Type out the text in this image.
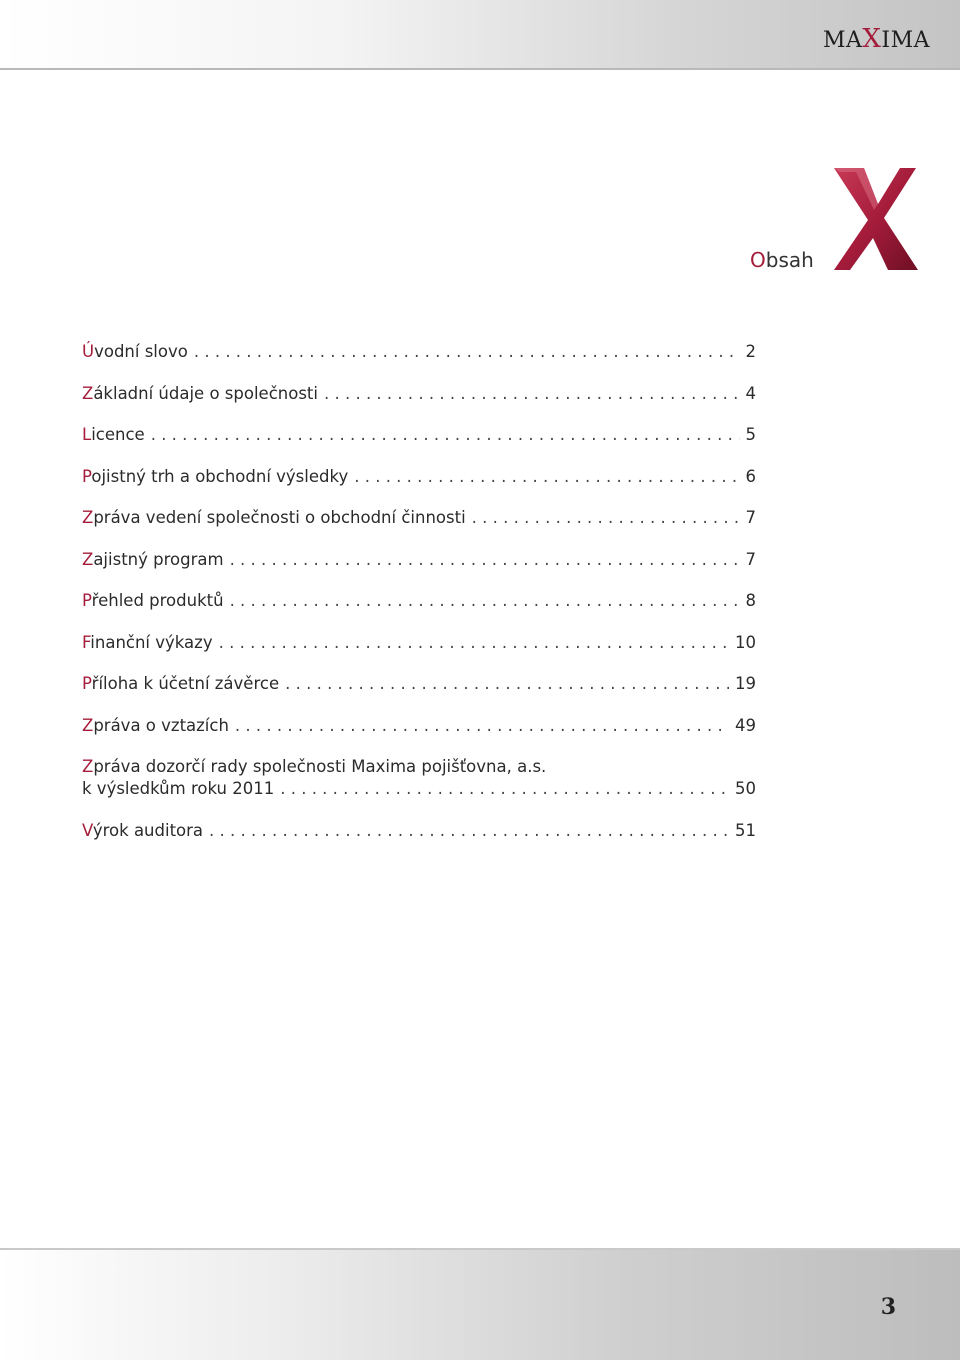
MAXIMA
Obsah
Úvodní slovo . . .	2
Základní údaje o společnosti . . .	4
Licence . . .	5
Pojistný trh a obchodní výsledky . . .	6
Zpráva vedení společnosti o obchodní činnosti . . .	7
Zajistný program . . .	7
Přehled produktů . . .	8
Finanční výkazy . . .	10
Příloha k účetní závěrce . . .	19
Zpráva o vztazích . . .	49
Zpráva dozorčí rady společnosti Maxima pojišťovna, a.s.
k výsledkům roku 2011 . . .	50
Výrok auditora . . .	51
3
